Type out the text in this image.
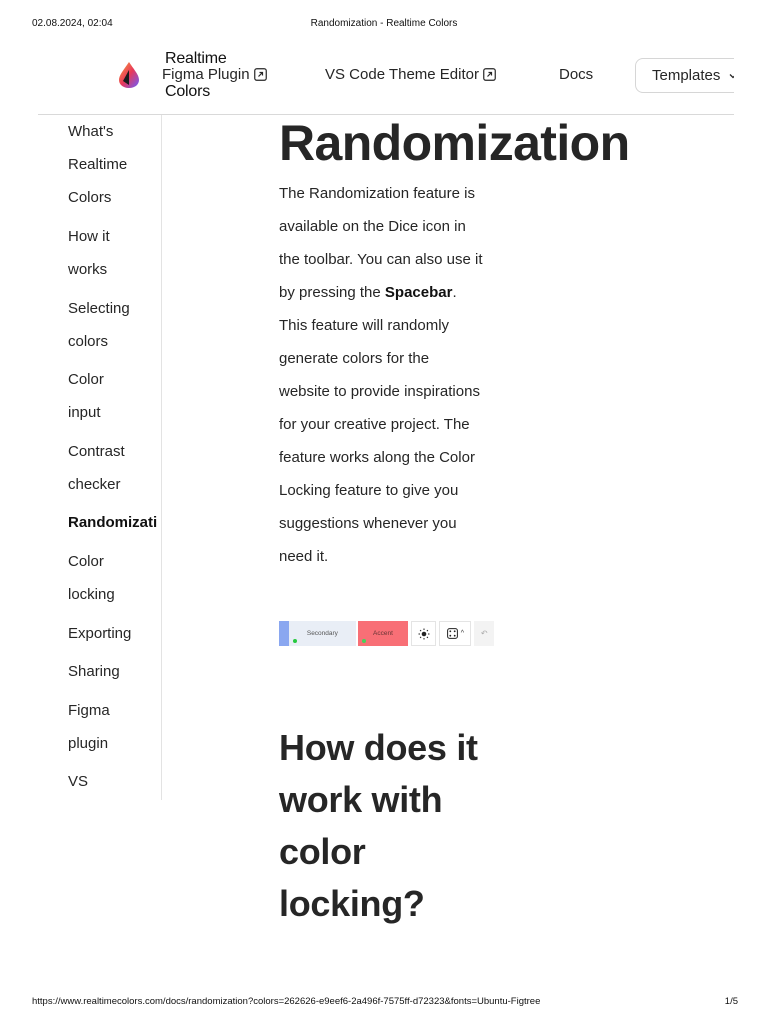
02.08.2024, 02:04	Randomization - Realtime Colors
Realtime
Colors
Figma Plugin	VS Code Theme Editor	Docs	Templates
What's
Realtime
Colors
How it
works
Selecting
colors
Color
input
Contrast
checker
Randomizati
Color
locking
Exporting
Sharing
Figma
plugin
VS
Randomization
The Randomization feature is
available on the Dice icon in
the toolbar. You can also use it
by pressing the Spacebar.
This feature will randomly
generate colors for the
website to provide inspirations
for your creative project. The
feature works along the Color
Locking feature to give you
suggestions whenever you
need it.
Secondary	Accent	^	↶
How does it
work with
color
locking?
https://www.realtimecolors.com/docs/randomization?colors=262626-e9eef6-2a496f-7575ff-d72323&fonts=Ubuntu-Figtree	1/5
